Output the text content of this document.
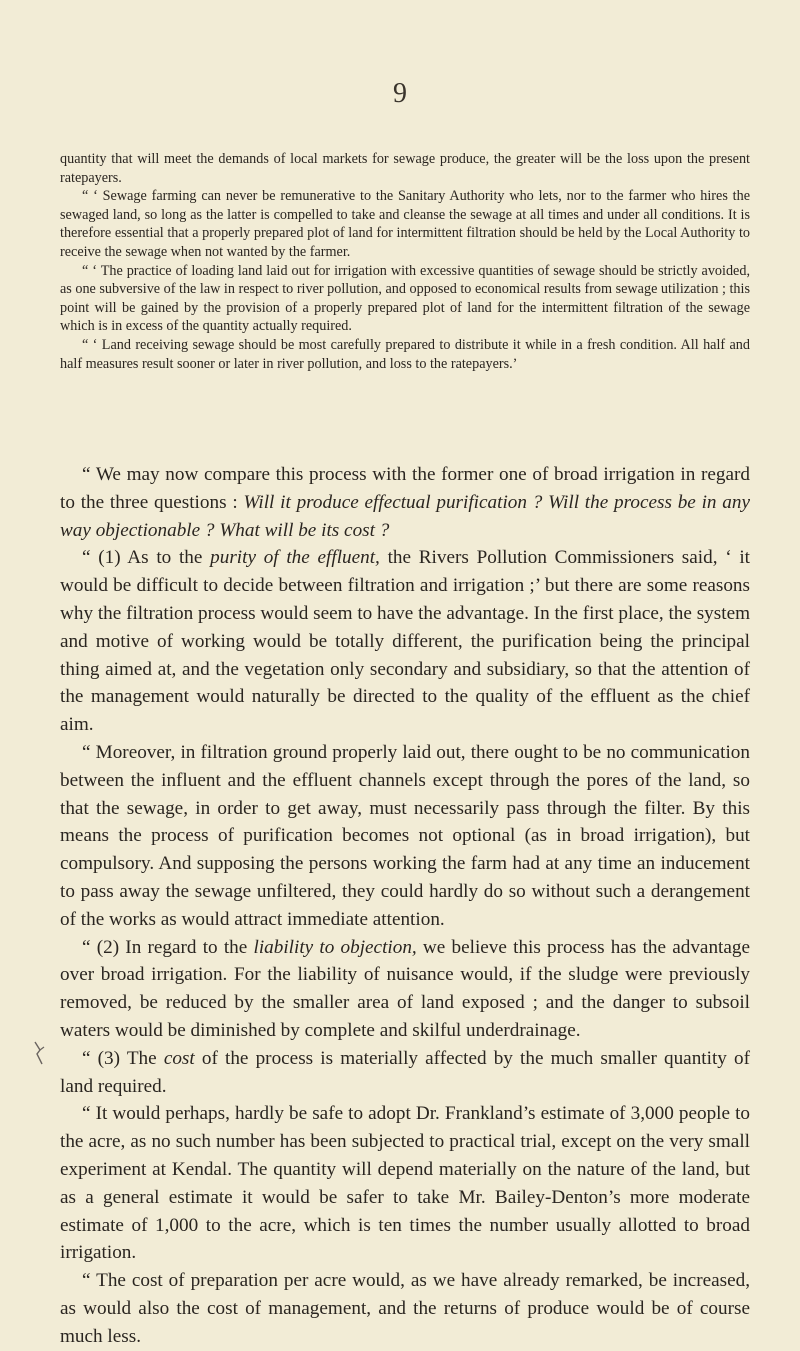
9

quantity that will meet the demands of local markets for sewage produce, the greater will be the loss upon the present ratepayers.

“ ‘ Sewage farming can never be remunerative to the Sanitary Authority who lets, nor to the farmer who hires the sewaged land, so long as the latter is compelled to take and cleanse the sewage at all times and under all conditions. It is therefore essential that a properly prepared plot of land for intermittent filtration should be held by the Local Authority to receive the sewage when not wanted by the farmer.

“ ‘ The practice of loading land laid out for irrigation with excessive quantities of sewage should be strictly avoided, as one subversive of the law in respect to river pollution, and opposed to economical results from sewage utilization ; this point will be gained by the provision of a properly prepared plot of land for the intermittent filtration of the sewage which is in excess of the quantity actually required.

“ ‘ Land receiving sewage should be most carefully prepared to distribute it while in a fresh condition. All half and half measures result sooner or later in river pollution, and loss to the ratepayers.’

“ We may now compare this process with the former one of broad irrigation in regard to the three questions : Will it produce effectual purification ? Will the process be in any way objectionable ? What will be its cost ?

“ (1) As to the purity of the effluent, the Rivers Pollution Commissioners said, ‘ it would be difficult to decide between filtration and irrigation ;’ but there are some reasons why the filtration process would seem to have the advantage. In the first place, the system and motive of working would be totally different, the purification being the principal thing aimed at, and the vegetation only secondary and subsidiary, so that the attention of the management would naturally be directed to the quality of the effluent as the chief aim.

“ Moreover, in filtration ground properly laid out, there ought to be no communication between the influent and the effluent channels except through the pores of the land, so that the sewage, in order to get away, must necessarily pass through the filter. By this means the process of purification becomes not optional (as in broad irrigation), but compulsory. And supposing the persons working the farm had at any time an inducement to pass away the sewage unfiltered, they could hardly do so without such a derangement of the works as would attract immediate attention.

“ (2) In regard to the liability to objection, we believe this process has the advantage over broad irrigation. For the liability of nuisance would, if the sludge were previously removed, be reduced by the smaller area of land exposed ; and the danger to subsoil waters would be diminished by complete and skilful underdrainage.

“ (3) The cost of the process is materially affected by the much smaller quantity of land required.

“ It would perhaps, hardly be safe to adopt Dr. Frankland’s estimate of 3,000 people to the acre, as no such number has been subjected to practical trial, except on the very small experiment at Kendal. The quantity will depend materially on the nature of the land, but as a general estimate it would be safer to take Mr. Bailey-Denton’s more moderate estimate of 1,000 to the acre, which is ten times the number usually allotted to broad irrigation.

“ The cost of preparation per acre would, as we have already remarked, be increased, as would also the cost of management, and the returns of produce would be of course much less.
